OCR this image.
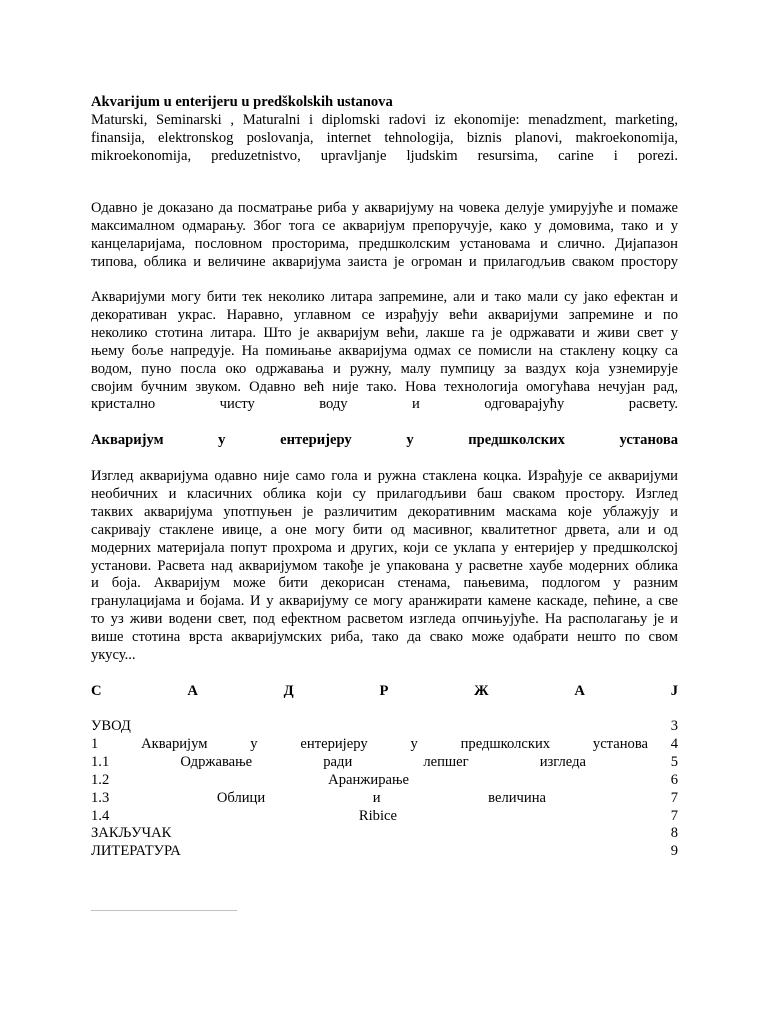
Akvarijum u enterijeru u predškolskih ustanova

Maturski, Seminarski , Maturalni i diplomski radovi iz ekonomije: menadzment, marketing,
finansija, elektronskog poslovanja, internet tehnologija, biznis planovi, makroekonomija,
mikroekonomija, preduzetnistvo, upravljanje ljudskim resursima, carine i porezi.
Одавно је доказано да посматрање риба у акваријуму на човека делује умирујуће и помаже
максималном одмарању. Због тога се акваријум препоручује, како у домовима, тако и у
канцеларијама, пословном просторима, предшколским установама и слично. Дијапазон
типова, облика и величине акваријума заиста је огроман и прилагодљив сваком простору
Акваријуми могу бити тек неколико литара запремине, али и тако мали су јако ефектан и
декоративан украс. Наравно, углавном се израђују већи акваријуми запремине и по
неколико стотина литара. Што је акваријум већи, лакше га је одржавати и живи свет у
њему боље напредује. На помињање акваријума одмах се помисли на стаклену коцку са
водом, пуно посла око одржавања и ружну, малу пумпицу за ваздух која узнемирује
својим бучним звуком. Одавно већ није тако. Нова технологија омогућава нечујан рад,
кристално чисту воду и одговарајућу расвету.
Акваријум у ентеријеру у предшколских установа
Изглед акваријума одавно није само гола и ружна стаклена коцка. Израђује се акваријуми
необичних и класичних облика који су прилагодљиви баш сваком простору. Изглед
таквих акваријума употпуњен је различитим декоративним маскама које ублажују и
сакривају стаклене ивице, а оне могу бити од масивног, квалитетног дрвета, али и од
модерних материјала попут прохрома и других, који се уклапа у ентеријер у предшколској
установи. Расвета над акваријумом такође је упакована у расветне хаубе модерних облика
и боја. Акваријум може бити декорисан стенама, пањевима, подлогом у разним
гранулацијама и бојама. И у акваријуму се могу аранжирати камене каскаде, пећине, а све
то уз живи водени свет, под ефектном расветом изгледа опчињујуће. На располагању је и
више стотина врста акваријумских риба, тако да свако може одабрати нешто по свом
укусу...
С А Д Р Ж А Ј
УВОД	3
1 Акваријум у ентеријеру у предшколских установа	4
1.1 Одржавање ради лепшег изгледа	5
1.2 Аранжирање	6
1.3 Облици и величина	7
1.4 Ribice	7
ЗАКЉУЧАК	8
ЛИТЕРАТУРА	9
